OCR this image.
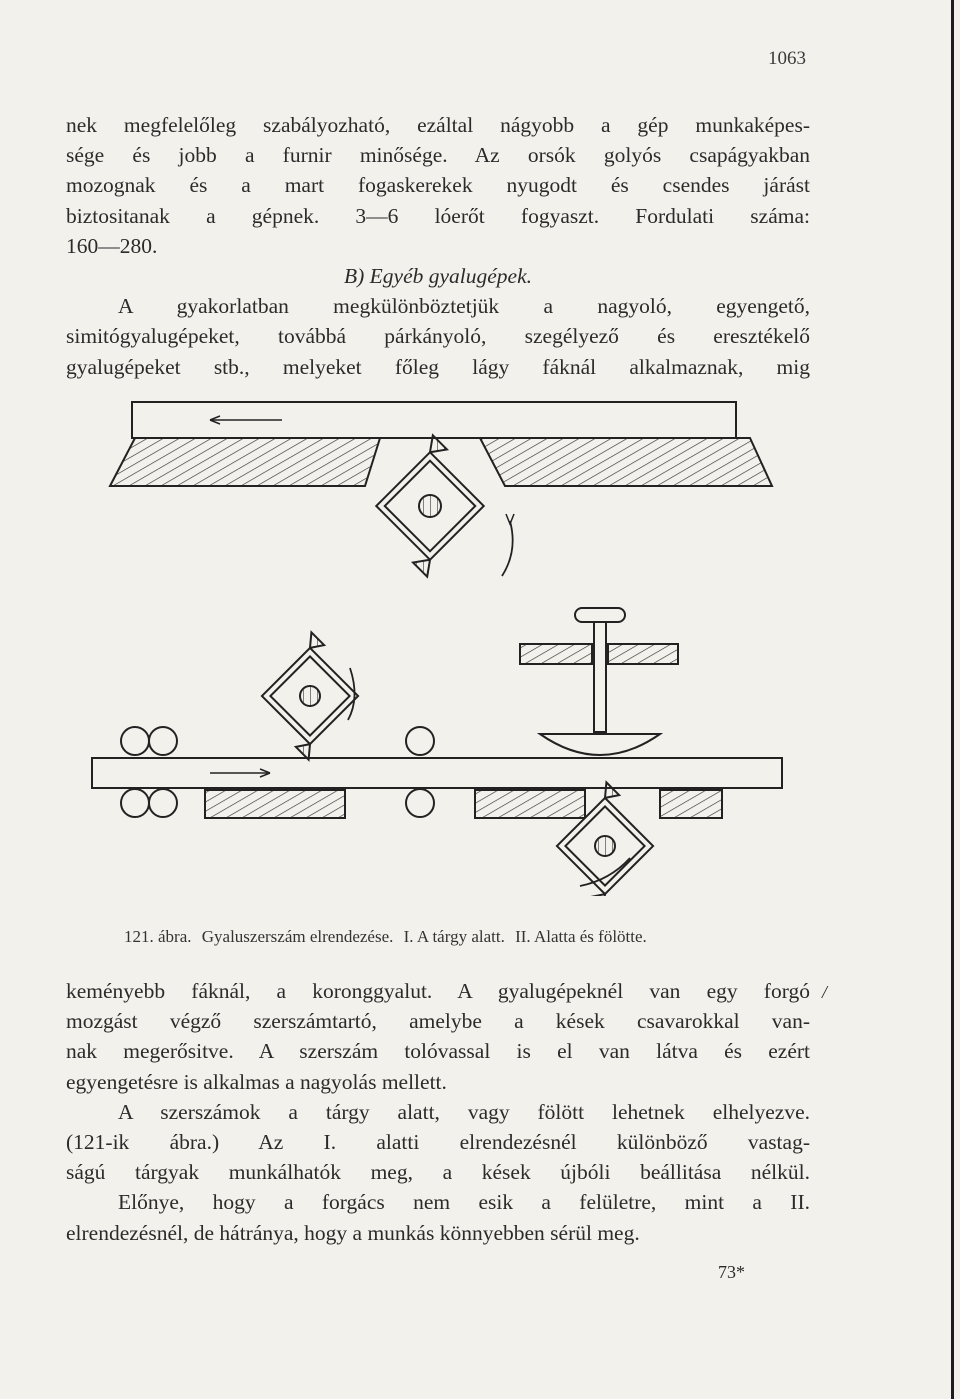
1063
nek megfelelőleg szabályozható, ezáltal nágyobb a gép munkaképes-
sége és jobb a furnir minősége. Az orsók golyós csapágyakban
mozognak és a mart fogaskerekek nyugodt és csendes járást
biztositanak a gépnek. 3—6 lóerőt fogyaszt. Fordulati száma:
160—280.
B) Egyéb gyalugépek.
A gyakorlatban megkülönböztetjük a nagyoló, egyengető,
simitógyalugépeket, továbbá párkányoló, szegélyező és eresztékelő
gyalugépeket stb., melyeket főleg lágy fáknál alkalmaznak, mig
121. ábra. Gyaluszerszám elrendezése. I. A tárgy alatt. II. Alatta és fölötte.
/
keményebb fáknál, a koronggyalut. A gyalugépeknél van egy forgó
mozgást végző szerszámtartó, amelybe a kések csavarokkal van-
nak megerősitve. A szerszám tolóvassal is el van látva és ezért
egyengetésre is alkalmas a nagyolás mellett.
A szerszámok a tárgy alatt, vagy fölött lehetnek elhelyezve.
(121-ik ábra.) Az I. alatti elrendezésnél különböző vastag-
ságú tárgyak munkálhatók meg, a kések újbóli beállitása nélkül.
Előnye, hogy a forgács nem esik a felületre, mint a II.
elrendezésnél, de hátránya, hogy a munkás könnyebben sérül meg.
73*
